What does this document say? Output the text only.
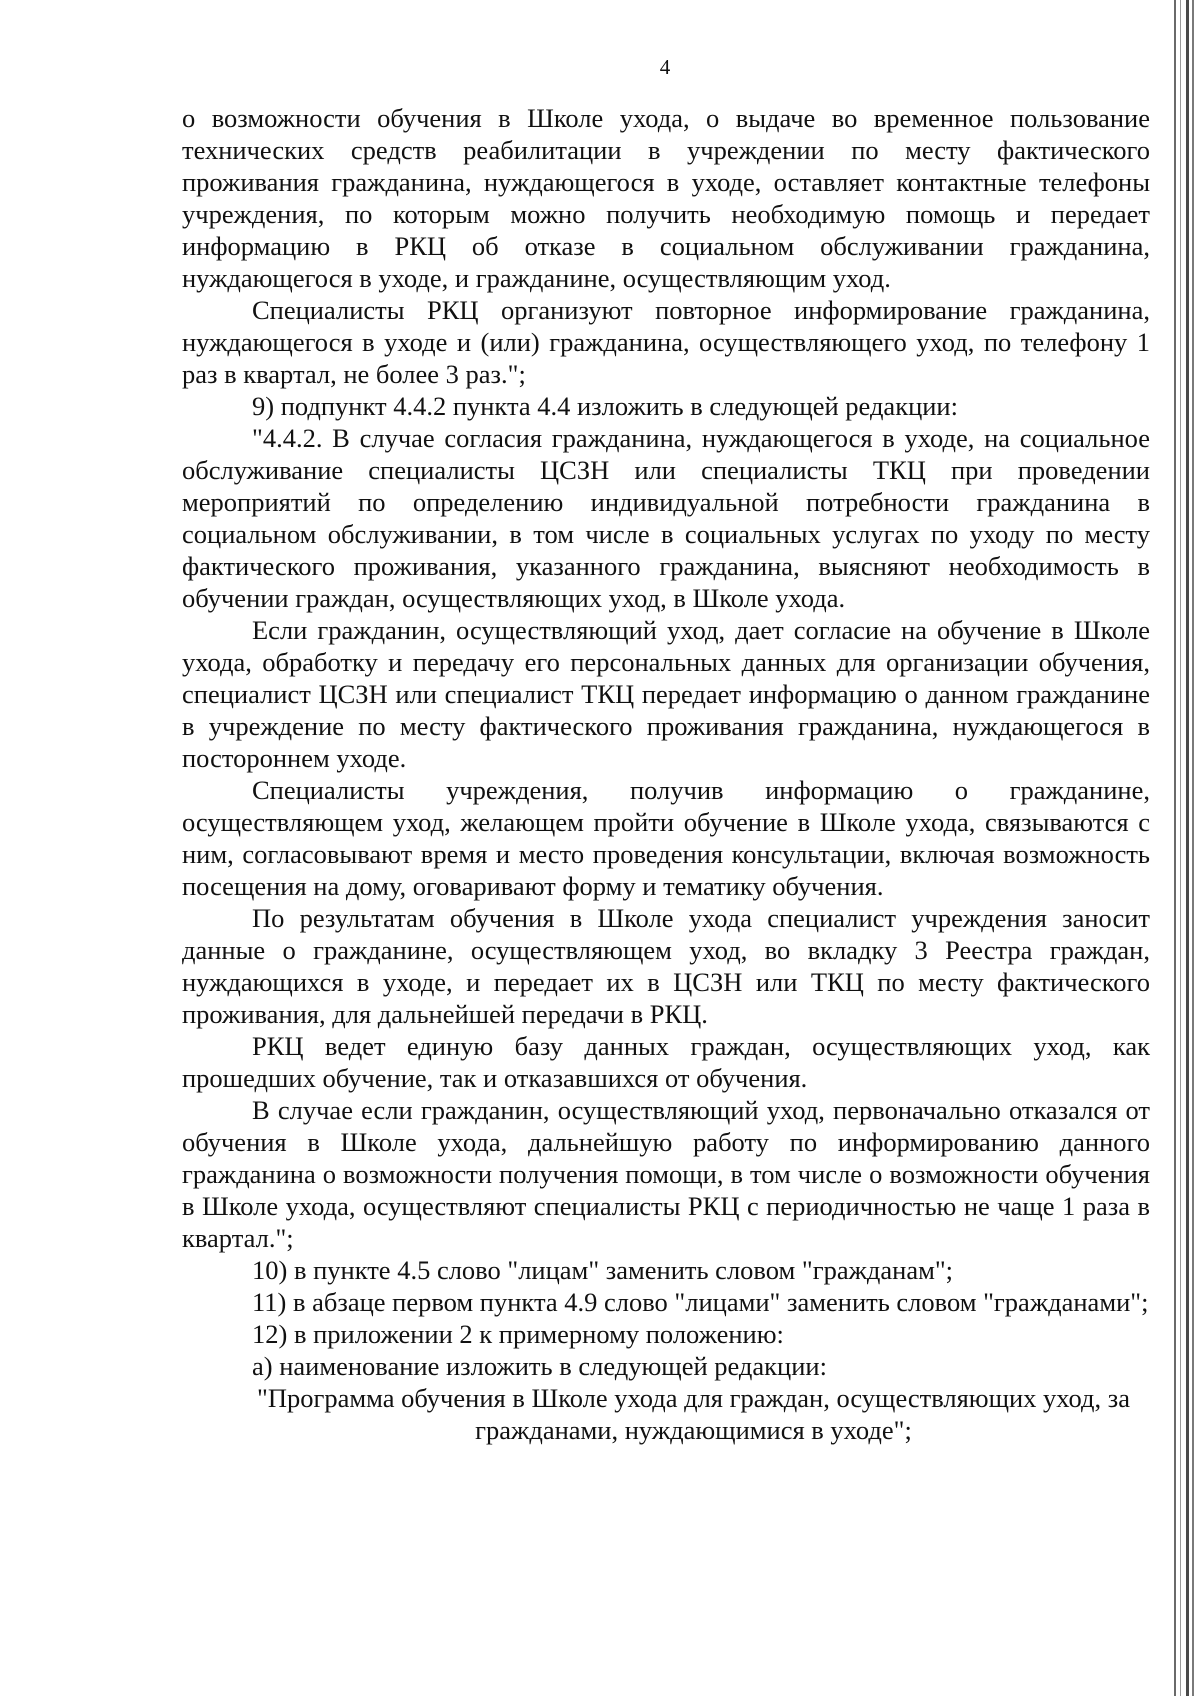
4

о возможности обучения в Школе ухода, о выдаче во временное пользование технических средств реабилитации в учреждении по месту фактического проживания гражданина, нуждающегося в уходе, оставляет контактные телефоны учреждения, по которым можно получить необходимую помощь и передает информацию в РКЦ об отказе в социальном обслуживании гражданина, нуждающегося в уходе, и гражданине, осуществляющим уход.

Специалисты РКЦ организуют повторное информирование гражданина, нуждающегося в уходе и (или) гражданина, осуществляющего уход, по телефону 1 раз в квартал, не более 3 раз.";

9) подпункт 4.4.2 пункта 4.4 изложить в следующей редакции:

"4.4.2. В случае согласия гражданина, нуждающегося в уходе, на социальное обслуживание специалисты ЦСЗН или специалисты ТКЦ при проведении мероприятий по определению индивидуальной потребности гражданина в социальном обслуживании, в том числе в социальных услугах по уходу по месту фактического проживания, указанного гражданина, выясняют необходимость в обучении граждан, осуществляющих уход, в Школе ухода.

Если гражданин, осуществляющий уход, дает согласие на обучение в Школе ухода, обработку и передачу его персональных данных для организации обучения, специалист ЦСЗН или специалист ТКЦ передает информацию о данном гражданине в учреждение по месту фактического проживания гражданина, нуждающегося в постороннем уходе.

Специалисты учреждения, получив информацию о гражданине, осуществляющем уход, желающем пройти обучение в Школе ухода, связываются с ним, согласовывают время и место проведения консультации, включая возможность посещения на дому, оговаривают форму и тематику обучения.

По результатам обучения в Школе ухода специалист учреждения заносит данные о гражданине, осуществляющем уход, во вкладку 3 Реестра граждан, нуждающихся в уходе, и передает их в ЦСЗН или ТКЦ по месту фактического проживания, для дальнейшей передачи в РКЦ.

РКЦ ведет единую базу данных граждан, осуществляющих уход, как прошедших обучение, так и отказавшихся от обучения.

В случае если гражданин, осуществляющий уход, первоначально отказался от обучения в Школе ухода, дальнейшую работу по информированию данного гражданина о возможности получения помощи, в том числе о возможности обучения в Школе ухода, осуществляют специалисты РКЦ с периодичностью не чаще 1 раза в квартал.";

10) в пункте 4.5 слово "лицам" заменить словом "гражданам";

11) в абзаце первом пункта 4.9 слово "лицами" заменить словом "гражданами";

12) в приложении 2 к примерному положению:

а) наименование изложить в следующей редакции:

"Программа обучения в Школе ухода для граждан, осуществляющих уход, за гражданами, нуждающимися в уходе";
